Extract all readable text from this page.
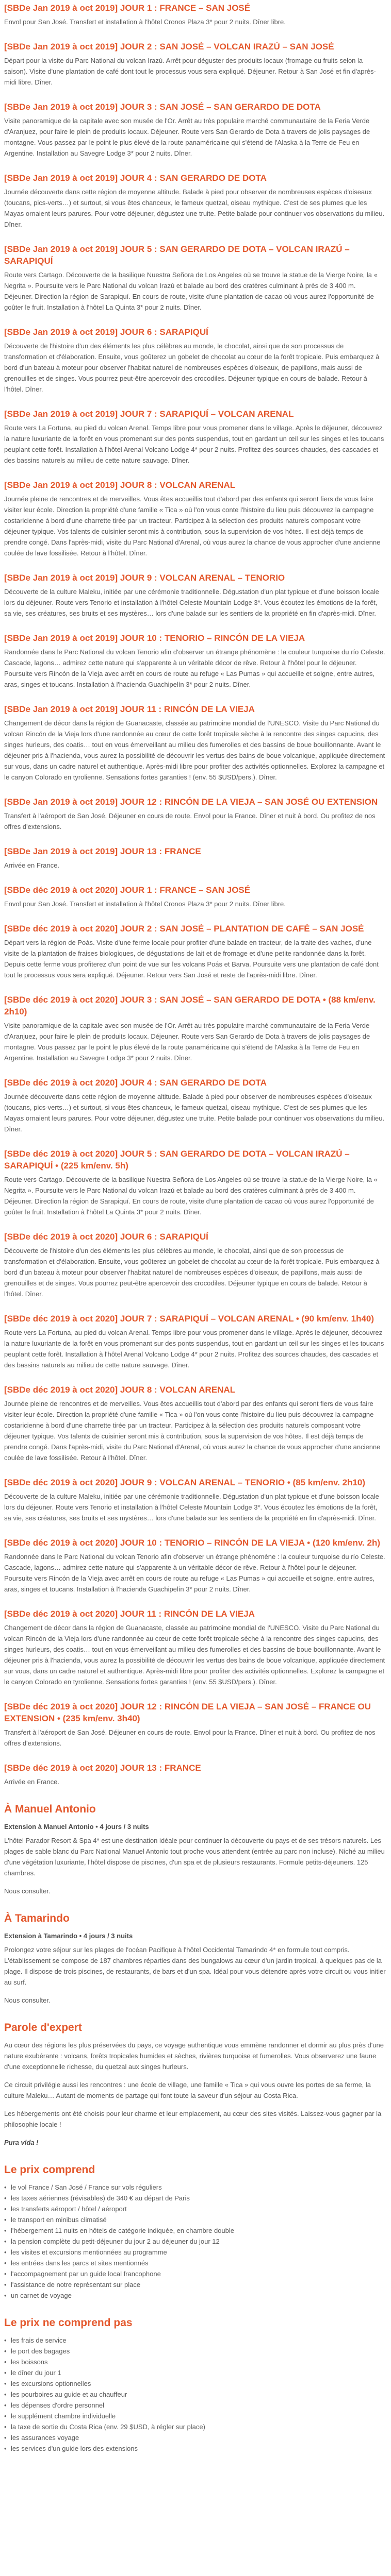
[SBDe Jan 2019 à oct 2019] JOUR 1 : FRANCE – SAN JOSÉ

Envol pour San José. Transfert et installation à l'hôtel Cronos Plaza 3* pour 2 nuits. Dîner libre.

[SBDe Jan 2019 à oct 2019] JOUR 2 : SAN JOSÉ – VOLCAN IRAZÚ – SAN JOSÉ

Départ pour la visite du Parc National du volcan Irazú. Arrêt pour déguster des produits locaux (fromage ou fruits selon la saison). Visite d'une plantation de café dont tout le processus vous sera expliqué. Déjeuner. Retour à San José et fin d'après-midi libre. Dîner.

[SBDe Jan 2019 à oct 2019] JOUR 3 : SAN JOSÉ – SAN GERARDO DE DOTA

Visite panoramique de la capitale avec son musée de l'Or. Arrêt au très populaire marché communautaire de la Feria Verde d'Aranjuez, pour faire le plein de produits locaux. Déjeuner. Route vers San Gerardo de Dota à travers de jolis paysages de montagne. Vous passez par le point le plus élevé de la route panaméricaine qui s'étend de l'Alaska à la Terre de Feu en Argentine. Installation au Savegre Lodge 3* pour 2 nuits. Dîner.

[SBDe Jan 2019 à oct 2019] JOUR 4 : SAN GERARDO DE DOTA

Journée découverte dans cette région de moyenne altitude. Balade à pied pour observer de nombreuses espèces d'oiseaux (toucans, pics-verts…) et surtout, si vous êtes chanceux, le fameux quetzal, oiseau mythique. C'est de ses plumes que les Mayas ornaient leurs parures. Pour votre déjeuner, dégustez une truite. Petite balade pour continuer vos observations du milieu. Dîner.

[SBDe Jan 2019 à oct 2019] JOUR 5 : SAN GERARDO DE DOTA – VOLCAN IRAZÚ – SARAPIQUÍ

Route vers Cartago. Découverte de la basilique Nuestra Señora de Los Angeles où se trouve la statue de la Vierge Noire, la « Negrita ». Poursuite vers le Parc National du volcan Irazú et balade au bord des cratères culminant à près de 3 400 m. Déjeuner. Direction la région de Sarapiquí. En cours de route, visite d'une plantation de cacao où vous aurez l'opportunité de goûter le fruit. Installation à l'hôtel La Quinta 3* pour 2 nuits. Dîner.

[SBDe Jan 2019 à oct 2019] JOUR 6 : SARAPIQUÍ

Découverte de l'histoire d'un des éléments les plus célèbres au monde, le chocolat, ainsi que de son processus de transformation et d'élaboration. Ensuite, vous goûterez un gobelet de chocolat au cœur de la forêt tropicale. Puis embarquez à bord d'un bateau à moteur pour observer l'habitat naturel de nombreuses espèces d'oiseaux, de papillons, mais aussi de grenouilles et de singes. Vous pourrez peut-être apercevoir des crocodiles. Déjeuner typique en cours de balade. Retour à l'hôtel. Dîner.

[SBDe Jan 2019 à oct 2019] JOUR 7 : SARAPIQUÍ – VOLCAN ARENAL

Route vers La Fortuna, au pied du volcan Arenal. Temps libre pour vous promener dans le village. Après le déjeuner, découvrez la nature luxuriante de la forêt en vous promenant sur des ponts suspendus, tout en gardant un œil sur les singes et les toucans peuplant cette forêt. Installation à l'hôtel Arenal Volcano Lodge 4* pour 2 nuits. Profitez des sources chaudes, des cascades et des bassins naturels au milieu de cette nature sauvage. Dîner.

[SBDe Jan 2019 à oct 2019] JOUR 8 : VOLCAN ARENAL

Journée pleine de rencontres et de merveilles. Vous êtes accueillis tout d'abord par des enfants qui seront fiers de vous faire visiter leur école. Direction la propriété d'une famille « Tica » où l'on vous conte l'histoire du lieu puis découvrez la campagne costaricienne à bord d'une charrette tirée par un tracteur. Participez à la sélection des produits naturels composant votre déjeuner typique. Vos talents de cuisinier seront mis à contribution, sous la supervision de vos hôtes. Il est déjà temps de prendre congé. Dans l'après-midi, visite du Parc National d'Arenal, où vous aurez la chance de vous approcher d'une ancienne coulée de lave fossilisée. Retour à l'hôtel. Dîner.

[SBDe Jan 2019 à oct 2019] JOUR 9 : VOLCAN ARENAL – TENORIO

Découverte de la culture Maleku, initiée par une cérémonie traditionnelle. Dégustation d'un plat typique et d'une boisson locale lors du déjeuner. Route vers Tenorio et installation à l'hôtel Celeste Mountain Lodge 3*. Vous écoutez les émotions de la forêt, sa vie, ses créatures, ses bruits et ses mystères… lors d'une balade sur les sentiers de la propriété en fin d'après-midi. Dîner.

[SBDe Jan 2019 à oct 2019] JOUR 10 : TENORIO – RINCÓN DE LA VIEJA

Randonnée dans le Parc National du volcan Tenorio afin d'observer un étrange phénomène : la couleur turquoise du río Celeste. Cascade, lagons… admirez cette nature qui s'apparente à un véritable décor de rêve. Retour à l'hôtel pour le déjeuner. Poursuite vers Rincón de la Vieja avec arrêt en cours de route au refuge « Las Pumas » qui accueille et soigne, entre autres, aras, singes et toucans. Installation à l'hacienda Guachipelín 3* pour 2 nuits. Dîner.

[SBDe Jan 2019 à oct 2019] JOUR 11 : RINCÓN DE LA VIEJA

Changement de décor dans la région de Guanacaste, classée au patrimoine mondial de l'UNESCO. Visite du Parc National du volcan Rincón de la Vieja lors d'une randonnée au cœur de cette forêt tropicale sèche à la rencontre des singes capucins, des singes hurleurs, des coatis… tout en vous émerveillant au milieu des fumerolles et des bassins de boue bouillonnante. Avant le déjeuner pris à l'hacienda, vous aurez la possibilité de découvrir les vertus des bains de boue volcanique, appliquée directement sur vous, dans un cadre naturel et authentique. Après-midi libre pour profiter des activités optionnelles. Explorez la campagne et le canyon Colorado en tyrolienne. Sensations fortes garanties ! (env. 55 $USD/pers.). Dîner.

[SBDe Jan 2019 à oct 2019] JOUR 12 : RINCÓN DE LA VIEJA – SAN JOSÉ OU EXTENSION

Transfert à l'aéroport de San José. Déjeuner en cours de route. Envol pour la France. Dîner et nuit à bord. Ou profitez de nos offres d'extensions.

[SBDe Jan 2019 à oct 2019] JOUR 13 : FRANCE

Arrivée en France.

[SBDe déc 2019 à oct 2020] JOUR 1 : FRANCE – SAN JOSÉ

Envol pour San José. Transfert et installation à l'hôtel Cronos Plaza 3* pour 2 nuits. Dîner libre.

[SBDe déc 2019 à oct 2020] JOUR 2 : SAN JOSÉ – PLANTATION DE CAFÉ – SAN JOSÉ

Départ vers la région de Poás. Visite d'une ferme locale pour profiter d'une balade en tracteur, de la traite des vaches, d'une visite de la plantation de fraises biologiques, de dégustations de lait et de fromage et d'une petite randonnée dans la forêt. Depuis cette ferme vous profiterez d'un point de vue sur les volcans Poás et Barva. Poursuite vers une plantation de café dont tout le processus vous sera expliqué. Déjeuner. Retour vers San José et reste de l'après-midi libre. Dîner.

[SBDe déc 2019 à oct 2020] JOUR 3 : SAN JOSÉ – SAN GERARDO DE DOTA • (88 km/env. 2h10)

Visite panoramique de la capitale avec son musée de l'Or. Arrêt au très populaire marché communautaire de la Feria Verde d'Aranjuez, pour faire le plein de produits locaux. Déjeuner. Route vers San Gerardo de Dota à travers de jolis paysages de montagne. Vous passez par le point le plus élevé de la route panaméricaine qui s'étend de l'Alaska à la Terre de Feu en Argentine. Installation au Savegre Lodge 3* pour 2 nuits. Dîner.

[SBDe déc 2019 à oct 2020] JOUR 4 : SAN GERARDO DE DOTA

Journée découverte dans cette région de moyenne altitude. Balade à pied pour observer de nombreuses espèces d'oiseaux (toucans, pics-verts…) et surtout, si vous êtes chanceux, le fameux quetzal, oiseau mythique. C'est de ses plumes que les Mayas ornaient leurs parures. Pour votre déjeuner, dégustez une truite. Petite balade pour continuer vos observations du milieu. Dîner.

[SBDe déc 2019 à oct 2020] JOUR 5 : SAN GERARDO DE DOTA – VOLCAN IRAZÚ – SARAPIQUÍ • (225 km/env. 5h)

Route vers Cartago. Découverte de la basilique Nuestra Señora de Los Angeles où se trouve la statue de la Vierge Noire, la « Negrita ». Poursuite vers le Parc National du volcan Irazú et balade au bord des cratères culminant à près de 3 400 m. Déjeuner. Direction la région de Sarapiquí. En cours de route, visite d'une plantation de cacao où vous aurez l'opportunité de goûter le fruit. Installation à l'hôtel La Quinta 3* pour 2 nuits. Dîner.

[SBDe déc 2019 à oct 2020] JOUR 6 : SARAPIQUÍ

Découverte de l'histoire d'un des éléments les plus célèbres au monde, le chocolat, ainsi que de son processus de transformation et d'élaboration. Ensuite, vous goûterez un gobelet de chocolat au cœur de la forêt tropicale. Puis embarquez à bord d'un bateau à moteur pour observer l'habitat naturel de nombreuses espèces d'oiseaux, de papillons, mais aussi de grenouilles et de singes. Vous pourrez peut-être apercevoir des crocodiles. Déjeuner typique en cours de balade. Retour à l'hôtel. Dîner.

[SBDe déc 2019 à oct 2020] JOUR 7 : SARAPIQUÍ – VOLCAN ARENAL • (90 km/env. 1h40)

Route vers La Fortuna, au pied du volcan Arenal. Temps libre pour vous promener dans le village. Après le déjeuner, découvrez la nature luxuriante de la forêt en vous promenant sur des ponts suspendus, tout en gardant un œil sur les singes et les toucans peuplant cette forêt. Installation à l'hôtel Arenal Volcano Lodge 4* pour 2 nuits. Profitez des sources chaudes, des cascades et des bassins naturels au milieu de cette nature sauvage. Dîner.

[SBDe déc 2019 à oct 2020] JOUR 8 : VOLCAN ARENAL

Journée pleine de rencontres et de merveilles. Vous êtes accueillis tout d'abord par des enfants qui seront fiers de vous faire visiter leur école. Direction la propriété d'une famille « Tica » où l'on vous conte l'histoire du lieu puis découvrez la campagne costaricienne à bord d'une charrette tirée par un tracteur. Participez à la sélection des produits naturels composant votre déjeuner typique. Vos talents de cuisinier seront mis à contribution, sous la supervision de vos hôtes. Il est déjà temps de prendre congé. Dans l'après-midi, visite du Parc National d'Arenal, où vous aurez la chance de vous approcher d'une ancienne coulée de lave fossilisée. Retour à l'hôtel. Dîner.

[SBDe déc 2019 à oct 2020] JOUR 9 : VOLCAN ARENAL – TENORIO • (85 km/env. 2h10)

Découverte de la culture Maleku, initiée par une cérémonie traditionnelle. Dégustation d'un plat typique et d'une boisson locale lors du déjeuner. Route vers Tenorio et installation à l'hôtel Celeste Mountain Lodge 3*. Vous écoutez les émotions de la forêt, sa vie, ses créatures, ses bruits et ses mystères… lors d'une balade sur les sentiers de la propriété en fin d'après-midi. Dîner.

[SBDe déc 2019 à oct 2020] JOUR 10 : TENORIO – RINCÓN DE LA VIEJA • (120 km/env. 2h)

Randonnée dans le Parc National du volcan Tenorio afin d'observer un étrange phénomène : la couleur turquoise du río Celeste. Cascade, lagons… admirez cette nature qui s'apparente à un véritable décor de rêve. Retour à l'hôtel pour le déjeuner. Poursuite vers Rincón de la Vieja avec arrêt en cours de route au refuge « Las Pumas » qui accueille et soigne, entre autres, aras, singes et toucans. Installation à l'hacienda Guachipelín 3* pour 2 nuits. Dîner.

[SBDe déc 2019 à oct 2020] JOUR 11 : RINCÓN DE LA VIEJA

Changement de décor dans la région de Guanacaste, classée au patrimoine mondial de l'UNESCO. Visite du Parc National du volcan Rincón de la Vieja lors d'une randonnée au cœur de cette forêt tropicale sèche à la rencontre des singes capucins, des singes hurleurs, des coatis… tout en vous émerveillant au milieu des fumerolles et des bassins de boue bouillonnante. Avant le déjeuner pris à l'hacienda, vous aurez la possibilité de découvrir les vertus des bains de boue volcanique, appliquée directement sur vous, dans un cadre naturel et authentique. Après-midi libre pour profiter des activités optionnelles. Explorez la campagne et le canyon Colorado en tyrolienne. Sensations fortes garanties ! (env. 55 $USD/pers.). Dîner.

[SBDe déc 2019 à oct 2020] JOUR 12 : RINCÓN DE LA VIEJA – SAN JOSÉ – FRANCE OU EXTENSION • (235 km/env. 3h40)

Transfert à l'aéroport de San José. Déjeuner en cours de route. Envol pour la France. Dîner et nuit à bord. Ou profitez de nos offres d'extensions.

[SBDe déc 2019 à oct 2020] JOUR 13 : FRANCE

Arrivée en France.

À Manuel Antonio

Extension à Manuel Antonio • 4 jours / 3 nuits

L'hôtel Parador Resort & Spa 4* est une destination idéale pour continuer la découverte du pays et de ses trésors naturels. Les plages de sable blanc du Parc National Manuel Antonio tout proche vous attendent (entrée au parc non incluse). Niché au milieu d'une végétation luxuriante, l'hôtel dispose de piscines, d'un spa et de plusieurs restaurants. Formule petits-déjeuners. 125 chambres.

Nous consulter.

À Tamarindo

Extension à Tamarindo • 4 jours / 3 nuits

Prolongez votre séjour sur les plages de l'océan Pacifique à l'hôtel Occidental Tamarindo 4* en formule tout compris. L'établissement se compose de 187 chambres réparties dans des bungalows au cœur d'un jardin tropical, à quelques pas de la plage. Il dispose de trois piscines, de restaurants, de bars et d'un spa. Idéal pour vous détendre après votre circuit ou vous initier au surf.

Nous consulter.

Parole d'expert

Au cœur des régions les plus préservées du pays, ce voyage authentique vous emmène randonner et dormir au plus près d'une nature exubérante : volcans, forêts tropicales humides et sèches, rivières turquoise et fumerolles. Vous observerez une faune d'une exceptionnelle richesse, du quetzal aux singes hurleurs.

Ce circuit privilégie aussi les rencontres : une école de village, une famille « Tica » qui vous ouvre les portes de sa ferme, la culture Maleku… Autant de moments de partage qui font toute la saveur d'un séjour au Costa Rica.

Les hébergements ont été choisis pour leur charme et leur emplacement, au cœur des sites visités. Laissez-vous gagner par la philosophie locale !

Pura vida !

Le prix comprend
• le vol France / San José / France sur vols réguliers
• les taxes aériennes (révisables) de 340 € au départ de Paris
• les transferts aéroport / hôtel / aéroport
• le transport en minibus climatisé
• l'hébergement 11 nuits en hôtels de catégorie indiquée, en chambre double
• la pension complète du petit-déjeuner du jour 2 au déjeuner du jour 12
• les visites et excursions mentionnées au programme
• les entrées dans les parcs et sites mentionnés
• l'accompagnement par un guide local francophone
• l'assistance de notre représentant sur place
• un carnet de voyage
Le prix ne comprend pas
• les frais de service
• le port des bagages
• les boissons
• le dîner du jour 1
• les excursions optionnelles
• les pourboires au guide et au chauffeur
• les dépenses d'ordre personnel
• le supplément chambre individuelle
• la taxe de sortie du Costa Rica (env. 29 $USD, à régler sur place)
• les assurances voyage
• les services d'un guide lors des extensions
